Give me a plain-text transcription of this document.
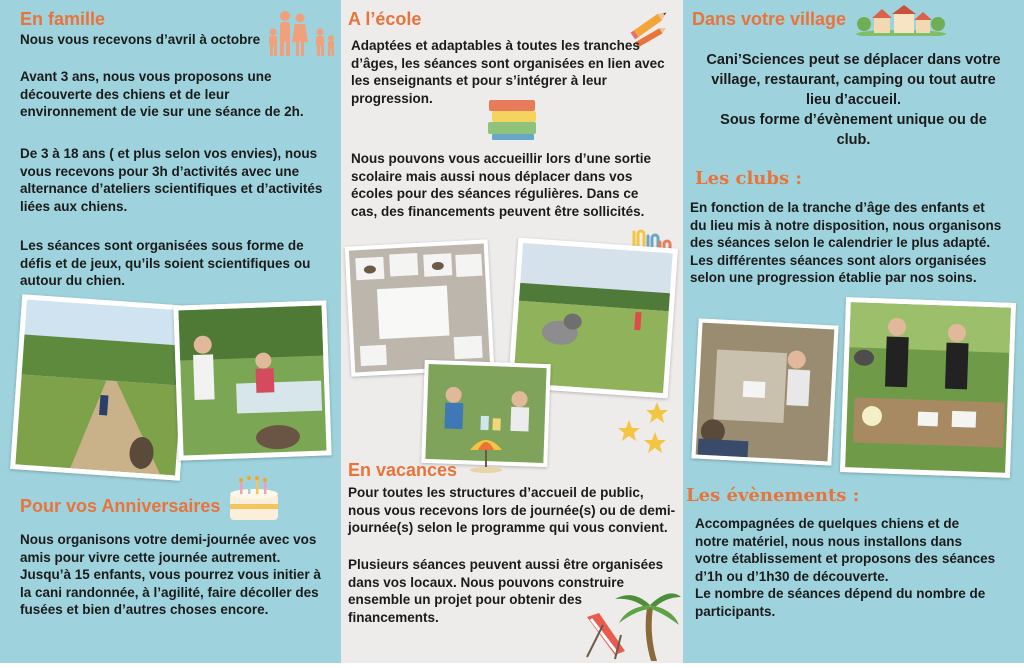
En famille
Nous vous recevons d’avril à octobre
Avant 3 ans, nous vous proposons une
découverte des chiens et de leur
environnement de vie sur une séance de 2h.
De 3 à 18 ans ( et plus selon vos envies), nous
vous recevons pour 3h d’activités avec une
alternance d’ateliers scientifiques et d’activités
liées aux chiens.
Les séances sont organisées sous forme de
défis et de jeux, qu’ils soient scientifiques ou
autour du chien.
Pour vos Anniversaires
Nous organisons votre demi-journée avec vos
amis pour vivre cette journée autrement.
Jusqu’à 15 enfants, vous pourrez vous initier à
la cani randonnée, à l’agilité, faire décoller des
fusées et bien d’autres choses encore.
A l’école
Adaptées et adaptables à toutes les tranches
d’âges, les séances sont organisées en lien avec
les enseignants et pour s’intégrer à leur
progression.
Nous pouvons vous accueillir lors d’une sortie
scolaire mais aussi nous déplacer dans vos
écoles pour des séances régulières. Dans ce
cas, des financements peuvent être sollicités.
En vacances
Pour toutes les structures d’accueil de public,
nous vous recevons lors de journée(s) ou de demi-
journée(s) selon le programme qui vous convient.
Plusieurs séances peuvent aussi être organisées
dans vos locaux. Nous pouvons construire
ensemble un projet pour obtenir des
financements.
Dans votre village
Cani’Sciences peut se déplacer dans votre
village, restaurant, camping ou tout autre
lieu d’accueil.
Sous forme d’évènement unique ou de
club.
Les clubs :
En fonction de la tranche d’âge des enfants et
du lieu mis à notre disposition, nous organisons
des séances selon le calendrier le plus adapté.
Les différentes séances sont alors organisées
selon une progression établie par nos soins.
Les évènements :
Accompagnées de quelques chiens et de
notre matériel, nous nous installons dans
votre établissement et proposons des séances
d’1h ou d’1h30 de découverte.
Le nombre de séances dépend du nombre de
participants.
